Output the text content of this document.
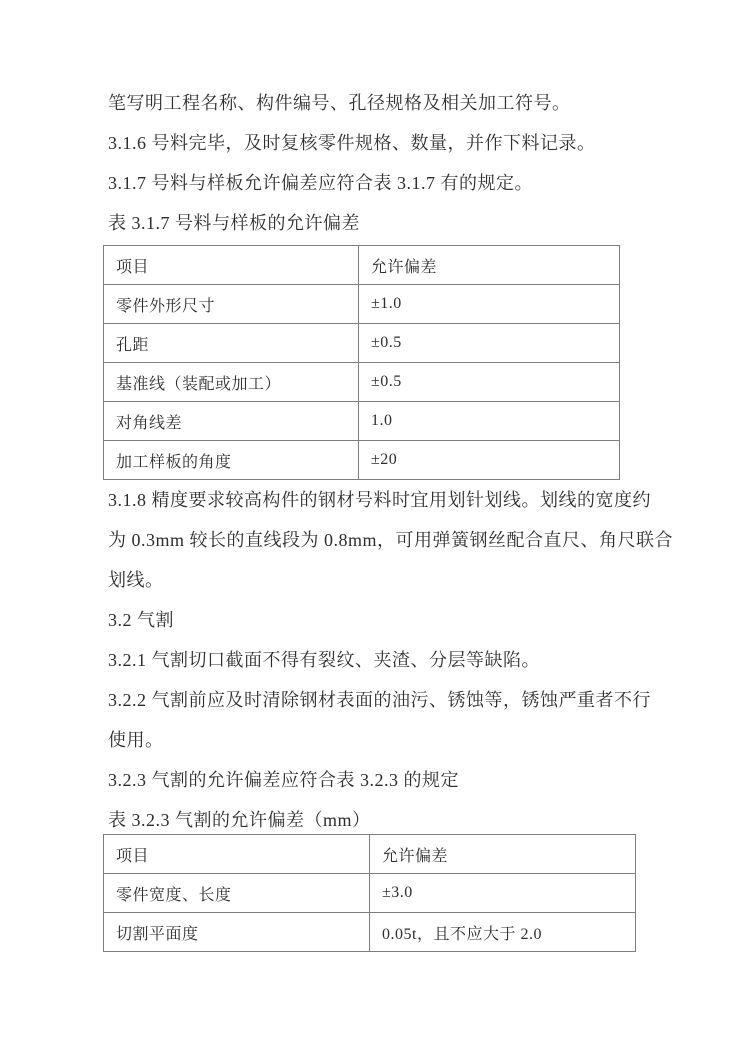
笔写明工程名称、构件编号、孔径规格及相关加工符号。

3.1.6 号料完毕，及时复核零件规格、数量，并作下料记录。

3.1.7 号料与样板允许偏差应符合表 3.1.7 有的规定。

表 3.1.7 号料与样板的允许偏差

项目	允许偏差
零件外形尺寸	±1.0
孔距	±0.5
基准线（装配或加工）	±0.5
对角线差	1.0
加工样板的角度	±20

3.1.8 精度要求较高构件的钢材号料时宜用划针划线。划线的宽度约

为 0.3mm 较长的直线段为 0.8mm，可用弹簧钢丝配合直尺、角尺联合

划线。

3.2 气割

3.2.1 气割切口截面不得有裂纹、夹渣、分层等缺陷。

3.2.2 气割前应及时清除钢材表面的油污、锈蚀等，锈蚀严重者不行

使用。

3.2.3 气割的允许偏差应符合表 3.2.3 的规定

表 3.2.3 气割的允许偏差（mm）

项目	允许偏差
零件宽度、长度	±3.0
切割平面度	0.05t，且不应大于 2.0
